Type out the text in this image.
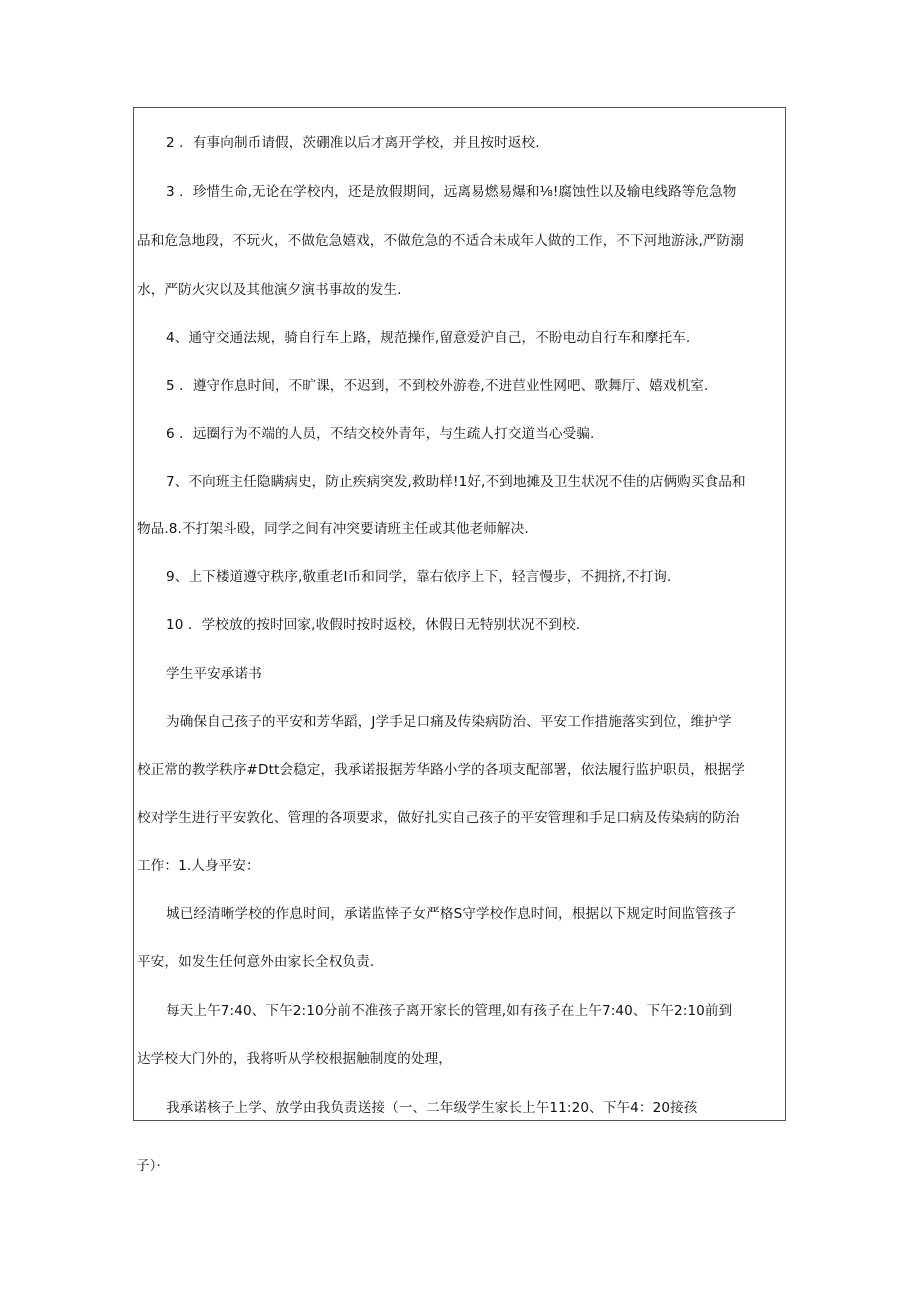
2 ．有事向制币请假，茨硼准以后才离开学校，并且按时返校.
3 ．珍惜生命,无论在学校内，还是放假期间，远离易燃易爆和⅛!腐蚀性以及输电线路等危急物
品和危急地段，不玩火，不做危急嬉戏，不做危急的不适合未成年人做的工作，不下河地游泳,严防溺
水，严防火灾以及其他演夕演书事故的发生.
4、通守交通法规，骑自行车上路，规范操作,留意爱沪自己，不盼电动自行车和摩托车.
5 ．遵守作息时间，不旷课，不迟到，不到校外游卷,不进苣业性网吧、歌舞厅、嬉戏机室.
6 ．远圈行为不端的人员，不结交校外青年，与生疏人打交道当心受骗.
7、不向班主任隐瞒病史，防止疾病突发,救助样!1好,不到地摊及卫生状况不佳的店俩购买食品和
物品.8.不打架斗殴，同学之间有冲突要请班主任或其他老师解决.
9、上下楼道遵守秩序,敬重老I币和同学，靠右依序上下，轻言慢步，不拥挤,不打询.
10 ．学校放的按时回家,收假时按时返校，休假日无特别状况不到校.
学生平安承诺书
为确保自己孩子的平安和芳华蹈，J学手足口痛及传染病防治、平安工作措施落实到位，维护学
校正常的教学秩序#Dtt会稳定，我承诺报据芳华路小学的各项支配部署，依法履行监护职员，根据学
校对学生进行平安敦化、管理的各项要求，做好扎实自己孩子的平安管理和手足口病及传染病的防治
工作：1.人身平安：
城已经清晰学校的作息时间，承诺监悻子女严格S守学校作息时间，根据以下规定时间监管孩子
平安，如发生任何意外由家长全权负责.
每天上午7:40、下午2:10分前不准孩子离开家长的管理,如有孩子在上午7:40、下午2:10前到
达学校大门外的，我将听从学校根据触制度的处理，
我承诺核子上学、放学由我负责送接（一、二年级学生家长上午11:20、下午4：20接孩
子）·
